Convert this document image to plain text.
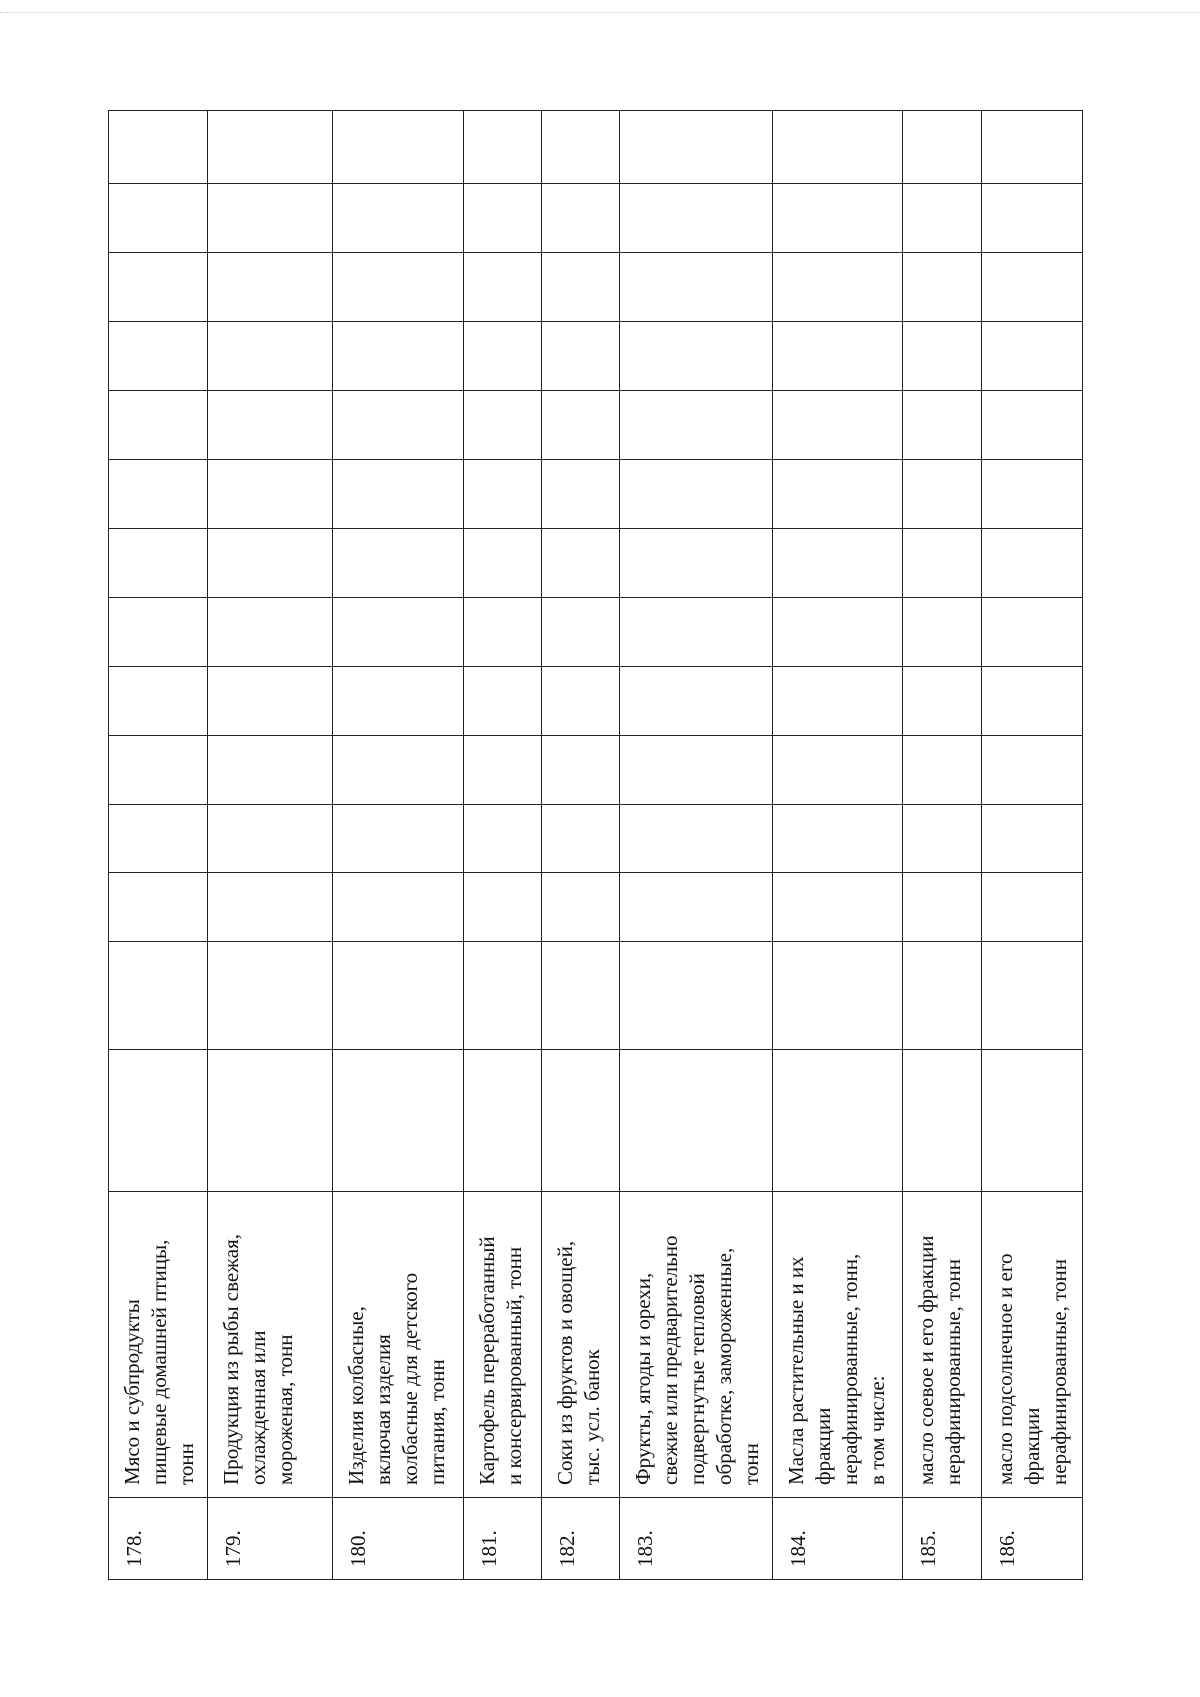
178.	Мясо и субпродукты
пищевые домашней птицы,
тонн														
179.	Продукция из рыбы свежая,
охлажденная или
мороженая, тонн														
180.	Изделия колбасные,
включая изделия
колбасные для детского
питания, тонн														
181.	Картофель переработанный
и консервированный, тонн														
182.	Соки из фруктов и овощей,
тыс. усл. банок														
183.	Фрукты, ягоды и орехи,
свежие или предварительно
подвергнутые тепловой
обработке, замороженные,
тонн														
184.	Масла растительные и их
фракции
нерафинированные, тонн,
в том числе:														
185.	масло соевое и его фракции
нерафинированные, тонн														
186.	масло подсолнечное и его
фракции
нерафинированные, тонн														
